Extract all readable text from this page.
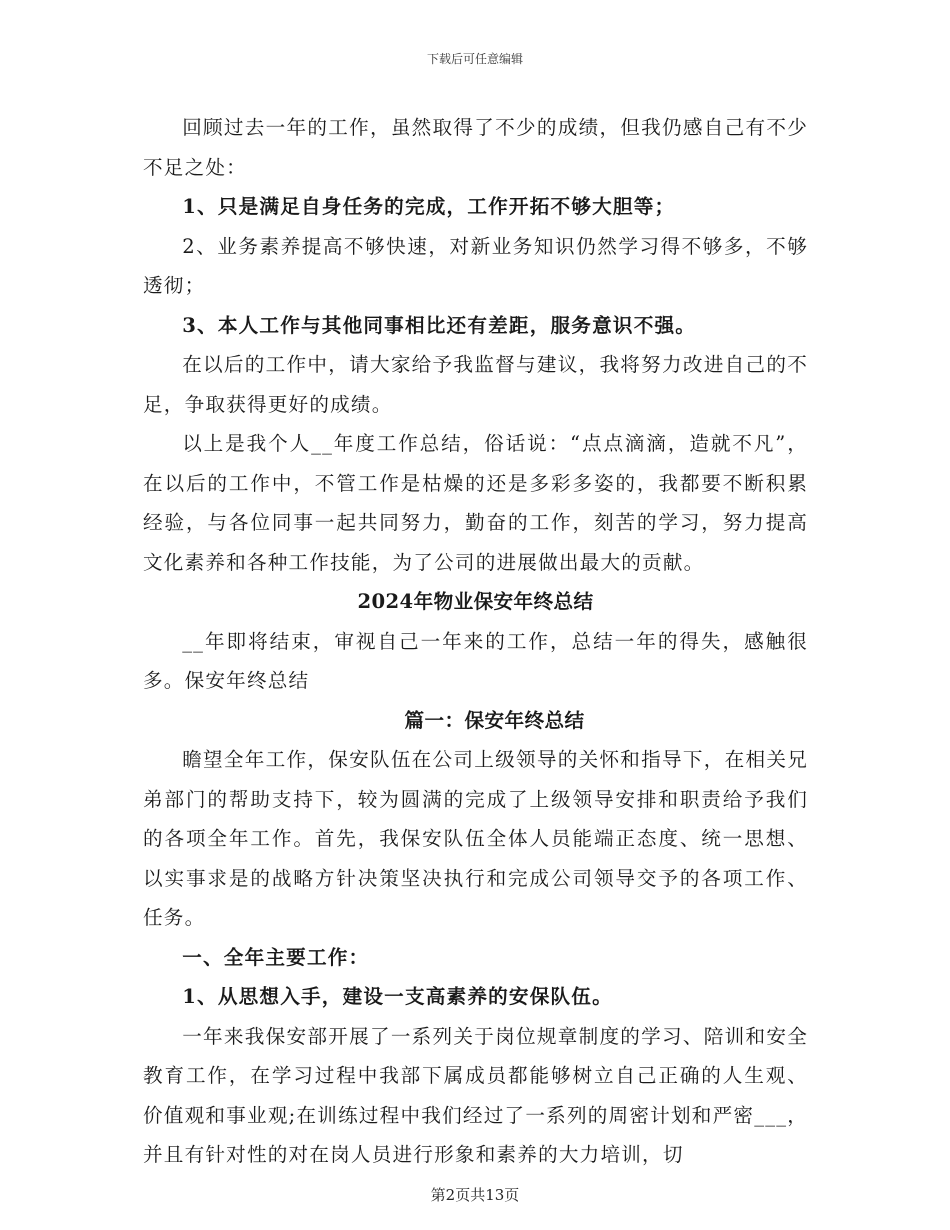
下载后可任意编辑

回顾过去一年的工作，虽然取得了不少的成绩，但我仍感自己有不少不足之处：

1、只是满足自身任务的完成，工作开拓不够大胆等；

2、业务素养提高不够快速，对新业务知识仍然学习得不够多，不够透彻；

3、本人工作与其他同事相比还有差距，服务意识不强。

在以后的工作中，请大家给予我监督与建议，我将努力改进自己的不足，争取获得更好的成绩。

以上是我个人__年度工作总结，俗话说：“点点滴滴，造就不凡”，在以后的工作中，不管工作是枯燥的还是多彩多姿的，我都要不断积累经验，与各位同事一起共同努力，勤奋的工作，刻苦的学习，努力提高文化素养和各种工作技能，为了公司的进展做出最大的贡献。

2024年物业保安年终总结

__年即将结束，审视自己一年来的工作，总结一年的得失，感触很多。保安年终总结

篇一：保安年终总结

瞻望全年工作，保安队伍在公司上级领导的关怀和指导下，在相关兄弟部门的帮助支持下，较为圆满的完成了上级领导安排和职责给予我们的各项全年工作。首先，我保安队伍全体人员能端正态度、统一思想、以实事求是的战略方针决策坚决执行和完成公司领导交予的各项工作、任务。

一、全年主要工作：

1、从思想入手，建设一支高素养的安保队伍。

一年来我保安部开展了一系列关于岗位规章制度的学习、陪训和安全教育工作，在学习过程中我部下属成员都能够树立自己正确的人生观、价值观和事业观;在训练过程中我们经过了一系列的周密计划和严密___，并且有针对性的对在岗人员进行形象和素养的大力培训，切

第2页共13页
